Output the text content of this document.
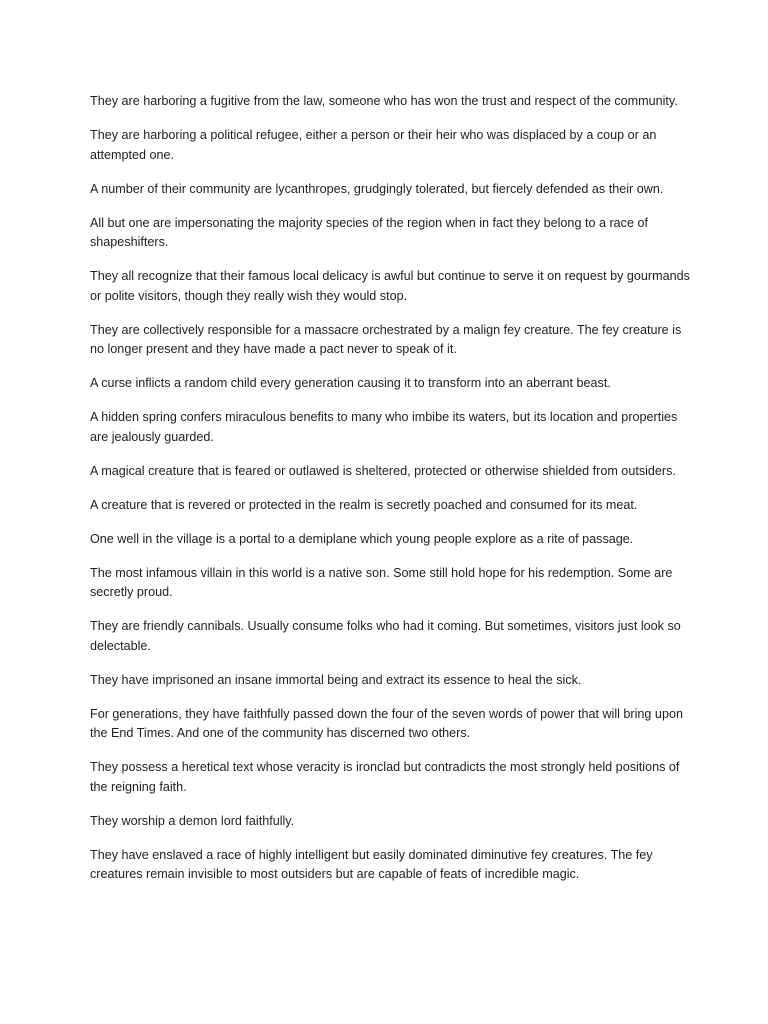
They are harboring a fugitive from the law, someone who has won the trust and respect of the community.

They are harboring a political refugee, either a person or their heir who was displaced by a coup or an attempted one.

A number of their community are lycanthropes, grudgingly tolerated, but fiercely defended as their own.

All but one are impersonating the majority species of the region when in fact they belong to a race of shapeshifters.

They all recognize that their famous local delicacy is awful but continue to serve it on request by gourmands or polite visitors, though they really wish they would stop.

They are collectively responsible for a massacre orchestrated by a malign fey creature. The fey creature is no longer present and they have made a pact never to speak of it.

A curse inflicts a random child every generation causing it to transform into an aberrant beast.

A hidden spring confers miraculous benefits to many who imbibe its waters, but its location and properties are jealously guarded.

A magical creature that is feared or outlawed is sheltered, protected or otherwise shielded from outsiders.

A creature that is revered or protected in the realm is secretly poached and consumed for its meat.

One well in the village is a portal to a demiplane which young people explore as a rite of passage.

The most infamous villain in this world is a native son. Some still hold hope for his redemption. Some are secretly proud.

They are friendly cannibals. Usually consume folks who had it coming. But sometimes, visitors just look so delectable.

They have imprisoned an insane immortal being and extract its essence to heal the sick.

For generations, they have faithfully passed down the four of the seven words of power that will bring upon the End Times. And one of the community has discerned two others.

They possess a heretical text whose veracity is ironclad but contradicts the most strongly held positions of the reigning faith.

They worship a demon lord faithfully.

They have enslaved a race of highly intelligent but easily dominated diminutive fey creatures. The fey creatures remain invisible to most outsiders but are capable of feats of incredible magic.
